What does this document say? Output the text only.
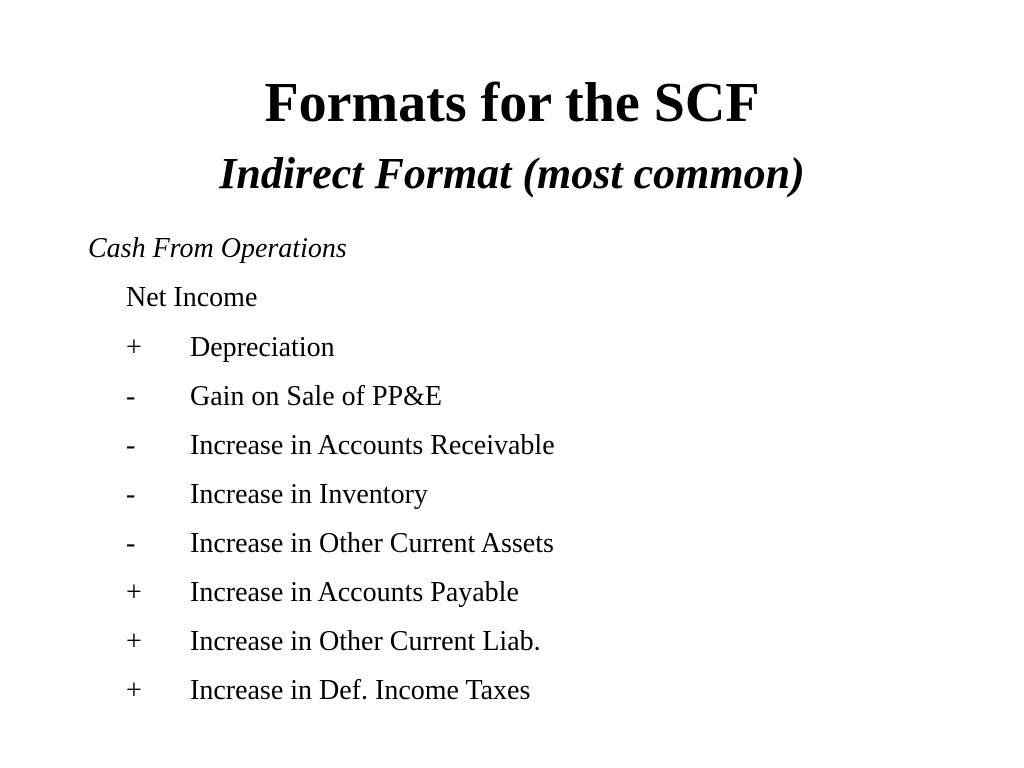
Formats for the SCF
Indirect Format (most common)
Cash From Operations
Net Income
+ Depreciation
- Gain on Sale of PP&E
- Increase in Accounts Receivable
- Increase in Inventory
- Increase in Other Current Assets
+ Increase in Accounts Payable
+ Increase in Other Current Liab.
+ Increase in Def. Income Taxes
